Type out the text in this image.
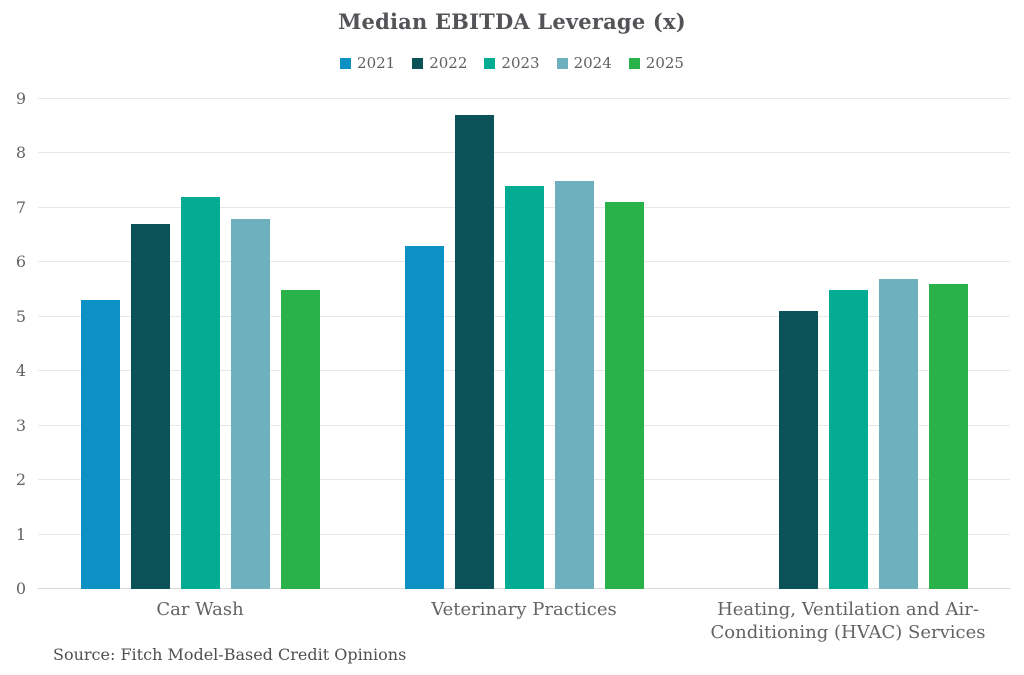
Median EBITDA Leverage (x)
2021 2022 2023 2024 2025
0
1
2
3
4
5
6
7
8
9
Car Wash	Veterinary Practices	Heating, Ventilation and Air-Conditioning (HVAC) Services
Source: Fitch Model-Based Credit Opinions
